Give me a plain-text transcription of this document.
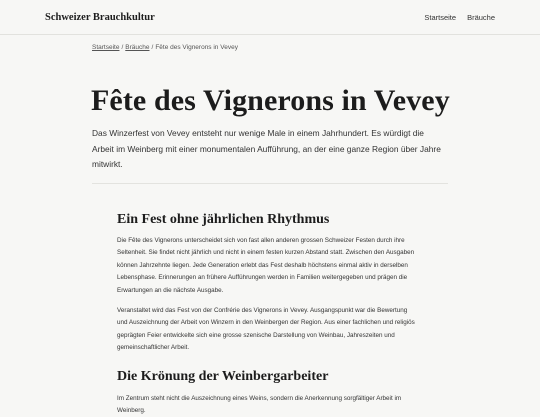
Schweizer Brauchkultur	Startseite Bräuche
Startseite / Bräuche / Fête des Vignerons in Vevey
Fête des Vignerons in Vevey

Das Winzerfest von Vevey entsteht nur wenige Male in einem Jahrhundert. Es würdigt die Arbeit im Weinberg mit einer monumentalen Aufführung, an der eine ganze Region über Jahre mitwirkt.

Ein Fest ohne jährlichen Rhythmus

Die Fête des Vignerons unterscheidet sich von fast allen anderen grossen Schweizer Festen durch ihre Seltenheit. Sie findet nicht jährlich und nicht in einem festen kurzen Abstand statt. Zwischen den Ausgaben können Jahrzehnte liegen. Jede Generation erlebt das Fest deshalb höchstens einmal aktiv in derselben Lebensphase. Erinnerungen an frühere Aufführungen werden in Familien weitergegeben und prägen die Erwartungen an die nächste Ausgabe.

Veranstaltet wird das Fest von der Confrérie des Vignerons in Vevey. Ausgangspunkt war die Bewertung und Auszeichnung der Arbeit von Winzern in den Weinbergen der Region. Aus einer fachlichen und religiös geprägten Feier entwickelte sich eine grosse szenische Darstellung von Weinbau, Jahreszeiten und gemeinschaftlicher Arbeit.

Die Krönung der Weinbergarbeiter

Im Zentrum steht nicht die Auszeichnung eines Weins, sondern die Anerkennung sorgfältiger Arbeit im Weinberg.
